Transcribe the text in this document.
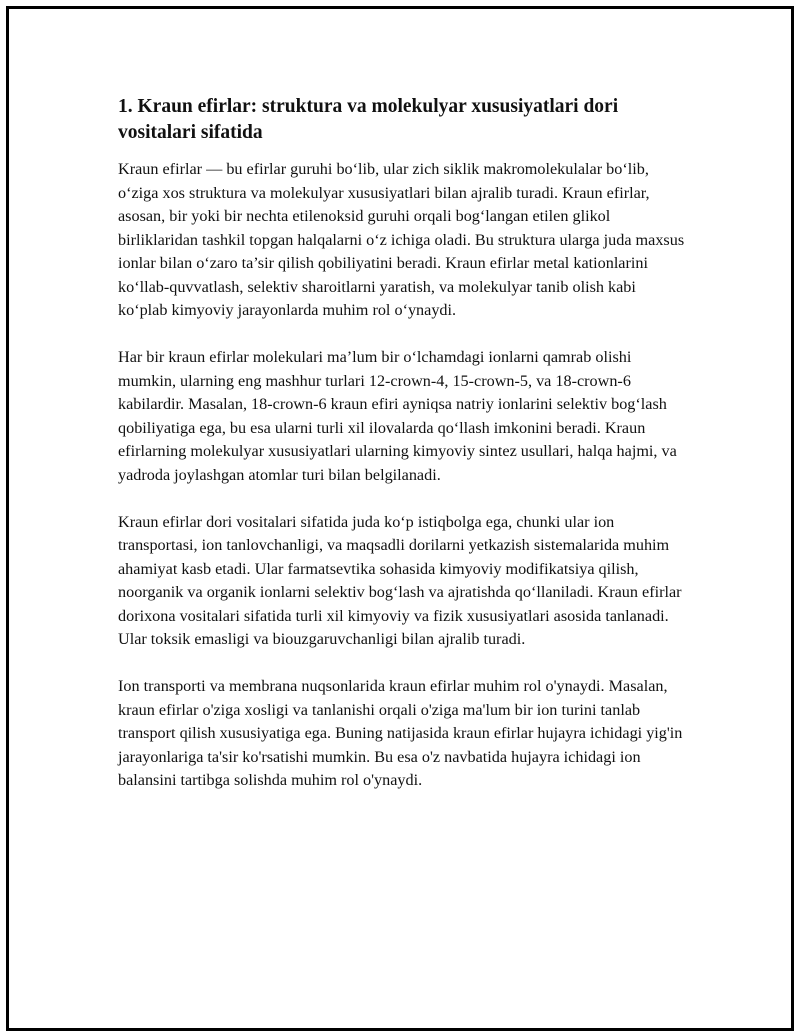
1. Kraun efirlar: struktura va molekulyar xususiyatlari dori vositalari sifatida

Kraun efirlar — bu efirlar guruhi bo‘lib, ular zich siklik makromolekulalar bo‘lib, o‘ziga xos struktura va molekulyar xususiyatlari bilan ajralib turadi. Kraun efirlar, asosan, bir yoki bir nechta etilenoksid guruhi orqali bog‘langan etilen glikol birliklaridan tashkil topgan halqalarni o‘z ichiga oladi. Bu struktura ularga juda maxsus ionlar bilan o‘zaro ta’sir qilish qobiliyatini beradi. Kraun efirlar metal kationlarini ko‘llab-quvvatlash, selektiv sharoitlarni yaratish, va molekulyar tanib olish kabi ko‘plab kimyoviy jarayonlarda muhim rol o‘ynaydi.

Har bir kraun efirlar molekulari ma’lum bir o‘lchamdagi ionlarni qamrab olishi mumkin, ularning eng mashhur turlari 12-crown-4, 15-crown-5, va 18-crown-6 kabilardir. Masalan, 18-crown-6 kraun efiri ayniqsa natriy ionlarini selektiv bog‘lash qobiliyatiga ega, bu esa ularni turli xil ilovalarda qo‘llash imkonini beradi. Kraun efirlarning molekulyar xususiyatlari ularning kimyoviy sintez usullari, halqa hajmi, va yadroda joylashgan atomlar turi bilan belgilanadi.

Kraun efirlar dori vositalari sifatida juda ko‘p istiqbolga ega, chunki ular ion transportasi, ion tanlovchanligi, va maqsadli dorilarni yetkazish sistemalarida muhim ahamiyat kasb etadi. Ular farmatsevtika sohasida kimyoviy modifikatsiya qilish, noorganik va organik ionlarni selektiv bog‘lash va ajratishda qo‘llaniladi. Kraun efirlar dorixona vositalari sifatida turli xil kimyoviy va fizik xususiyatlari asosida tanlanadi. Ular toksik emasligi va biouzgaruvchanligi bilan ajralib turadi.

Ion transporti va membrana nuqsonlarida kraun efirlar muhim rol o'ynaydi. Masalan, kraun efirlar o'ziga xosligi va tanlanishi orqali o'ziga ma'lum bir ion turini tanlab transport qilish xususiyatiga ega. Buning natijasida kraun efirlar hujayra ichidagi yig'in jarayonlariga ta'sir ko'rsatishi mumkin. Bu esa o'z navbatida hujayra ichidagi ion balansini tartibga solishda muhim rol o'ynaydi.
